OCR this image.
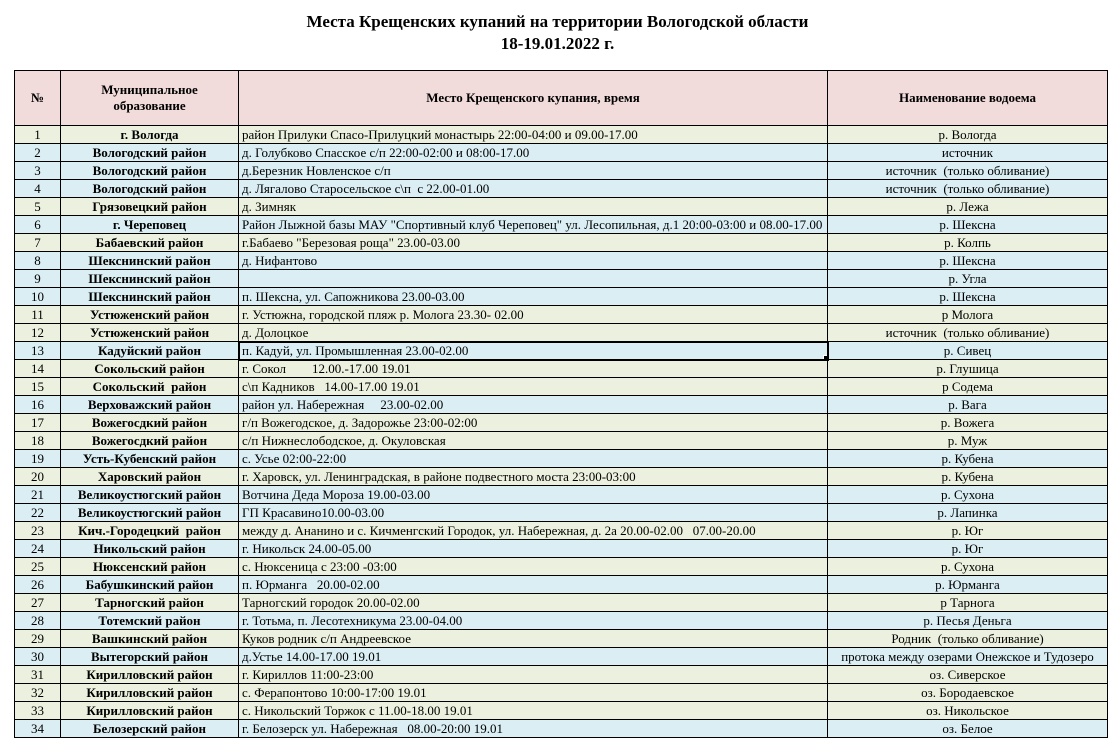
Места Крещенских купаний на территории Вологодской области
18-19.01.2022 г.
№	Муниципальное образование	Место Крещенского купания, время	Наименование водоема
1	г. Вологда	район Прилуки Спасо-Прилуцкий монастырь 22:00-04:00 и 09.00-17.00	р. Вологда
2	Вологодский район	д. Голубково Спасское с/п 22:00-02:00 и 08:00-17.00	источник
3	Вологодский район	д.Березник Новленское с/п	источник  (только обливание)
4	Вологодский район	д. Лягалово Старосельское с\п  с 22.00-01.00	источник  (только обливание)
5	Грязовецкий район	д. Зимняк	р. Лежа
6	г. Череповец	Район Лыжной базы МАУ "Спортивный клуб Череповец" ул. Лесопильная, д.1 20:00-03:00 и 08.00-17.00	р. Шексна
7	Бабаевский район	г.Бабаево "Березовая роща" 23.00-03.00	р. Колпь
8	Шекснинский район	д. Нифантово	р. Шексна
9	Шекснинский район		р. Угла
10	Шекснинский район	п. Шексна, ул. Сапожникова 23.00-03.00	р. Шексна
11	Устюженский район	г. Устюжна, городской пляж р. Молога 23.30- 02.00	р Молога
12	Устюженский район	д. Долоцкое	источник  (только обливание)
13	Кадуйский район	п. Кадуй, ул. Промышленная 23.00-02.00	р. Сивец
14	Сокольский район	г. Сокол        12.00.-17.00 19.01	р. Глушица
15	Сокольский  район	с\п Кадников   14.00-17.00 19.01	р Содема
16	Верховажский район	район ул. Набережная     23.00-02.00	р. Вага
17	Вожегосдкий район	г/п Вожегодское, д. Задорожье 23:00-02:00	р. Вожега
18	Вожегосдкий район	с/п Нижнеслободское, д. Окуловская	р. Муж
19	Усть-Кубенский район	с. Усье 02:00-22:00	р. Кубена
20	Харовский район	г. Харовск, ул. Ленинградская, в районе подвестного моста 23:00-03:00	р. Кубена
21	Великоустюгский район	Вотчина Деда Мороза 19.00-03.00	р. Сухона
22	Великоустюгский район	ГП Красавино10.00-03.00	р. Лапинка
23	Кич.-Городецкий  район	между д. Ананино и с. Кичменгский Городок, ул. Набережная, д. 2а 20.00-02.00   07.00-20.00	р. Юг
24	Никольский район	г. Никольск 24.00-05.00	р. Юг
25	Нюксенский район	с. Нюксеница с 23:00 -03:00	р. Сухона
26	Бабушкинский район	п. Юрманга   20.00-02.00	р. Юрманга
27	Тарногский район	Тарногский городок 20.00-02.00	р Тарнога
28	Тотемский район	г. Тотьма, п. Лесотехникума 23.00-04.00	р. Песья Деньга
29	Вашкинский район	Куков родник с/п Андреевское	Родник  (только обливание)
30	Вытегорский район	д.Устье 14.00-17.00 19.01	протока между озерами Онежское и Тудозеро
31	Кирилловский район	г. Кириллов 11:00-23:00	оз. Сиверское
32	Кирилловский район	с. Ферапонтово 10:00-17:00 19.01	оз. Бородаевское
33	Кирилловский район	с. Никольский Торжок с 11.00-18.00 19.01	оз. Никольское
34	Белозерский район	г. Белозерск ул. Набережная   08.00-20:00 19.01	оз. Белое
